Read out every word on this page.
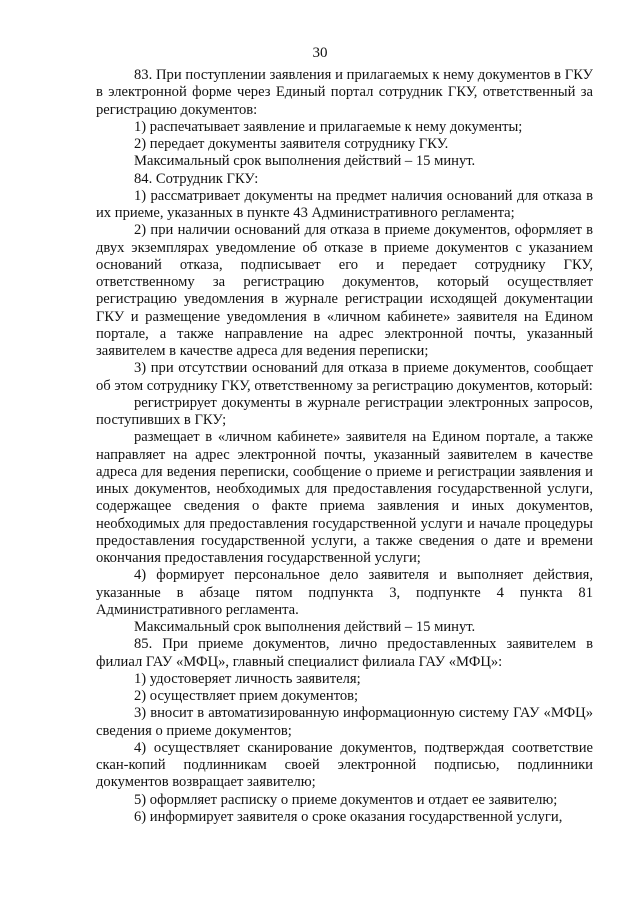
30

83. При поступлении заявления и прилагаемых к нему документов в ГКУ в электронной форме через Единый портал сотрудник ГКУ, ответственный за регистрацию документов:

1) распечатывает заявление и прилагаемые к нему документы;

2) передает документы заявителя сотруднику ГКУ.

Максимальный срок выполнения действий – 15 минут.

84. Сотрудник ГКУ:

1) рассматривает документы на предмет наличия оснований для отказа в их приеме, указанных в пункте 43 Административного регламента;

2) при наличии оснований для отказа в приеме документов, оформляет в двух экземплярах уведомление об отказе в приеме документов с указанием оснований отказа, подписывает его и передает сотруднику ГКУ, ответственному за регистрацию документов, который осуществляет регистрацию уведомления в журнале регистрации исходящей документации ГКУ и размещение уведомления в «личном кабинете» заявителя на Едином портале, а также направление на адрес электронной почты, указанный заявителем в качестве адреса для ведения переписки;

3) при отсутствии оснований для отказа в приеме документов, сообщает об этом сотруднику ГКУ, ответственному за регистрацию документов, который:

регистрирует документы в журнале регистрации электронных запросов, поступивших в ГКУ;

размещает в «личном кабинете» заявителя на Едином портале, а также направляет на адрес электронной почты, указанный заявителем в качестве адреса для ведения переписки, сообщение о приеме и регистрации заявления и иных документов, необходимых для предоставления государственной услуги, содержащее сведения о факте приема заявления и иных документов, необходимых для предоставления государственной услуги и начале процедуры предоставления государственной услуги, а также сведения о дате и времени окончания предоставления государственной услуги;

4) формирует персональное дело заявителя и выполняет действия, указанные в абзаце пятом подпункта 3, подпункте 4 пункта 81 Административного регламента.

Максимальный срок выполнения действий – 15 минут.

85. При приеме документов, лично предоставленных заявителем в филиал ГАУ «МФЦ», главный специалист филиала ГАУ «МФЦ»:

1) удостоверяет личность заявителя;

2) осуществляет прием документов;

3) вносит в автоматизированную информационную систему ГАУ «МФЦ» сведения о приеме документов;

4) осуществляет сканирование документов, подтверждая соответствие скан-копий подлинникам своей электронной подписью, подлинники документов возвращает заявителю;

5) оформляет расписку о приеме документов и отдает ее заявителю;

6) информирует заявителя о сроке оказания государственной услуги,
